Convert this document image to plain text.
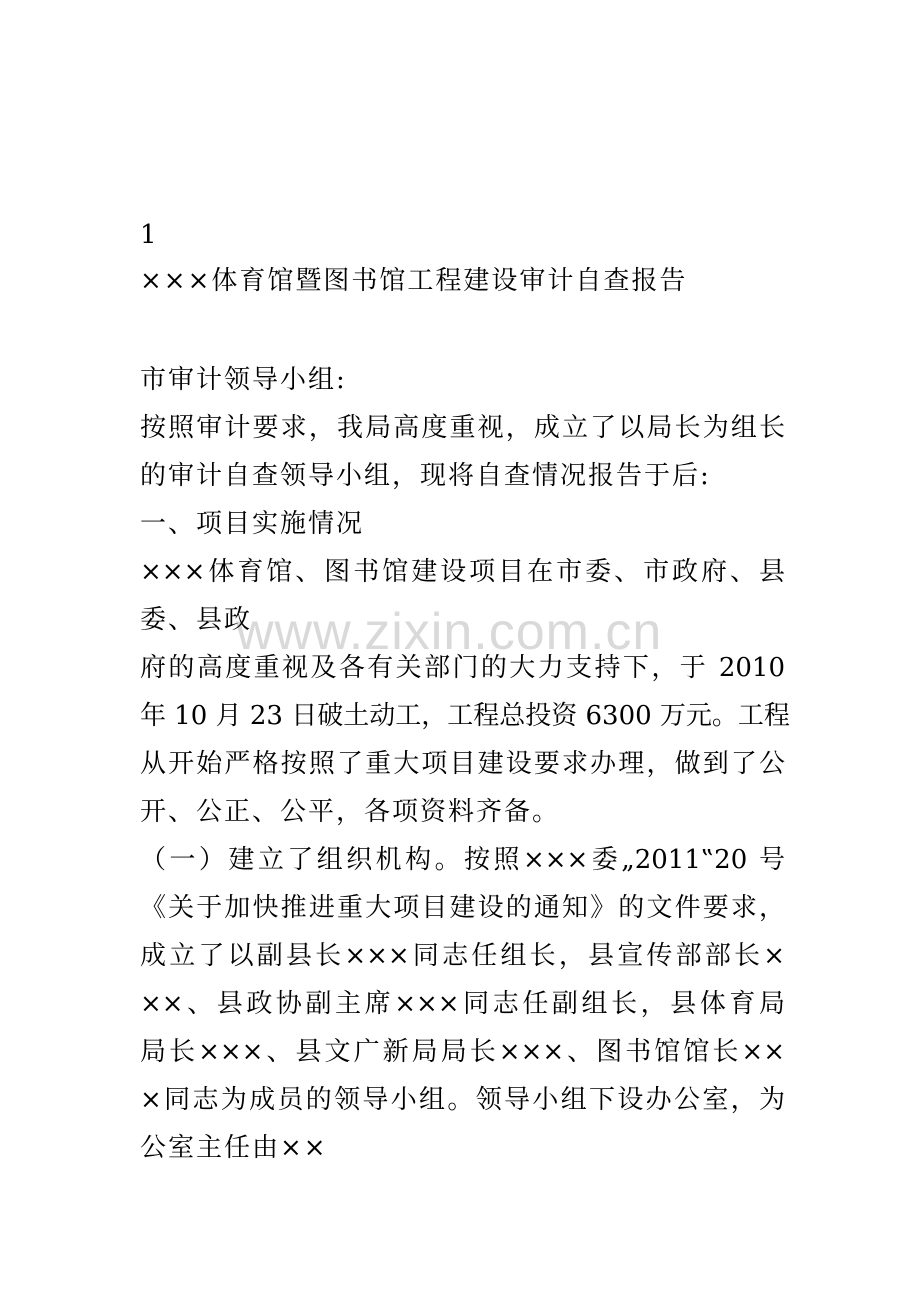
www.zixin.com.cn
1
×××体育馆暨图书馆工程建设审计自查报告
市审计领导小组:
按照审计要求，我局高度重视，成立了以局长为组长
的审计自查领导小组，现将自查情况报告于后:
一、项目实施情况
×××体育馆、图书馆建设项目在市委、市政府、县
委、县政
府的高度重视及各有关部门的大力支持下，于 2010
年 10 月 23 日破土动工，工程总投资 6300 万元。工程
从开始严格按照了重大项目建设要求办理，做到了公
开、公正、公平，各项资料齐备。
（一）建立了组织机构。按照×××委„2011‟20 号
《关于加快推进重大项目建设的通知》的文件要求，
成立了以副县长×××同志任组长，县宣传部部长×
××、县政协副主席×××同志任副组长，县体育局
局长×××、县文广新局局长×××、图书馆馆长××
×同志为成员的领导小组。领导小组下设办公室，为
公室主任由××
